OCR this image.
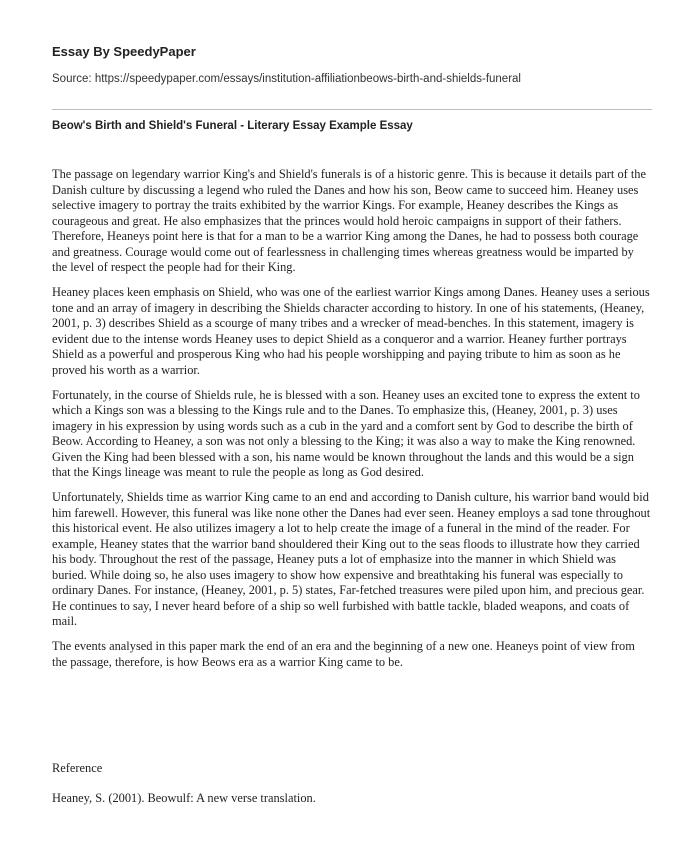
Essay By SpeedyPaper
Source: https://speedypaper.com/essays/institution-affiliationbeows-birth-and-shields-funeral
Beow's Birth and Shield's Funeral - Literary Essay Example Essay

The passage on legendary warrior King's and Shield's funerals is of a historic genre. This is because it details part of the Danish culture by discussing a legend who ruled the Danes and how his son, Beow came to succeed him. Heaney uses selective imagery to portray the traits exhibited by the warrior Kings. For example, Heaney describes the Kings as courageous and great. He also emphasizes that the princes would hold heroic campaigns in support of their fathers. Therefore, Heaneys point here is that for a man to be a warrior King among the Danes, he had to possess both courage and greatness. Courage would come out of fearlessness in challenging times whereas greatness would be imparted by the level of respect the people had for their King.

Heaney places keen emphasis on Shield, who was one of the earliest warrior Kings among Danes. Heaney uses a serious tone and an array of imagery in describing the Shields character according to history. In one of his statements, (Heaney, 2001, p. 3) describes Shield as a scourge of many tribes and a wrecker of mead-benches. In this statement, imagery is evident due to the intense words Heaney uses to depict Shield as a conqueror and a warrior. Heaney further portrays Shield as a powerful and prosperous King who had his people worshipping and paying tribute to him as soon as he proved his worth as a warrior.

Fortunately, in the course of Shields rule, he is blessed with a son. Heaney uses an excited tone to express the extent to which a Kings son was a blessing to the Kings rule and to the Danes. To emphasize this, (Heaney, 2001, p. 3) uses imagery in his expression by using words such as a cub in the yard and a comfort sent by God to describe the birth of Beow. According to Heaney, a son was not only a blessing to the King; it was also a way to make the King renowned. Given the King had been blessed with a son, his name would be known throughout the lands and this would be a sign that the Kings lineage was meant to rule the people as long as God desired.

Unfortunately, Shields time as warrior King came to an end and according to Danish culture, his warrior band would bid him farewell. However, this funeral was like none other the Danes had ever seen. Heaney employs a sad tone throughout this historical event. He also utilizes imagery a lot to help create the image of a funeral in the mind of the reader. For example, Heaney states that the warrior band shouldered their King out to the seas floods to illustrate how they carried his body. Throughout the rest of the passage, Heaney puts a lot of emphasize into the manner in which Shield was buried. While doing so, he also uses imagery to show how expensive and breathtaking his funeral was especially to ordinary Danes. For instance, (Heaney, 2001, p. 5) states, Far-fetched treasures were piled upon him, and precious gear. He continues to say, I never heard before of a ship so well furbished with battle tackle, bladed weapons, and coats of mail.

The events analysed in this paper mark the end of an era and the beginning of a new one. Heaneys point of view from the passage, therefore, is how Beows era as a warrior King came to be.

Reference
Heaney, S. (2001). Beowulf: A new verse translation.
